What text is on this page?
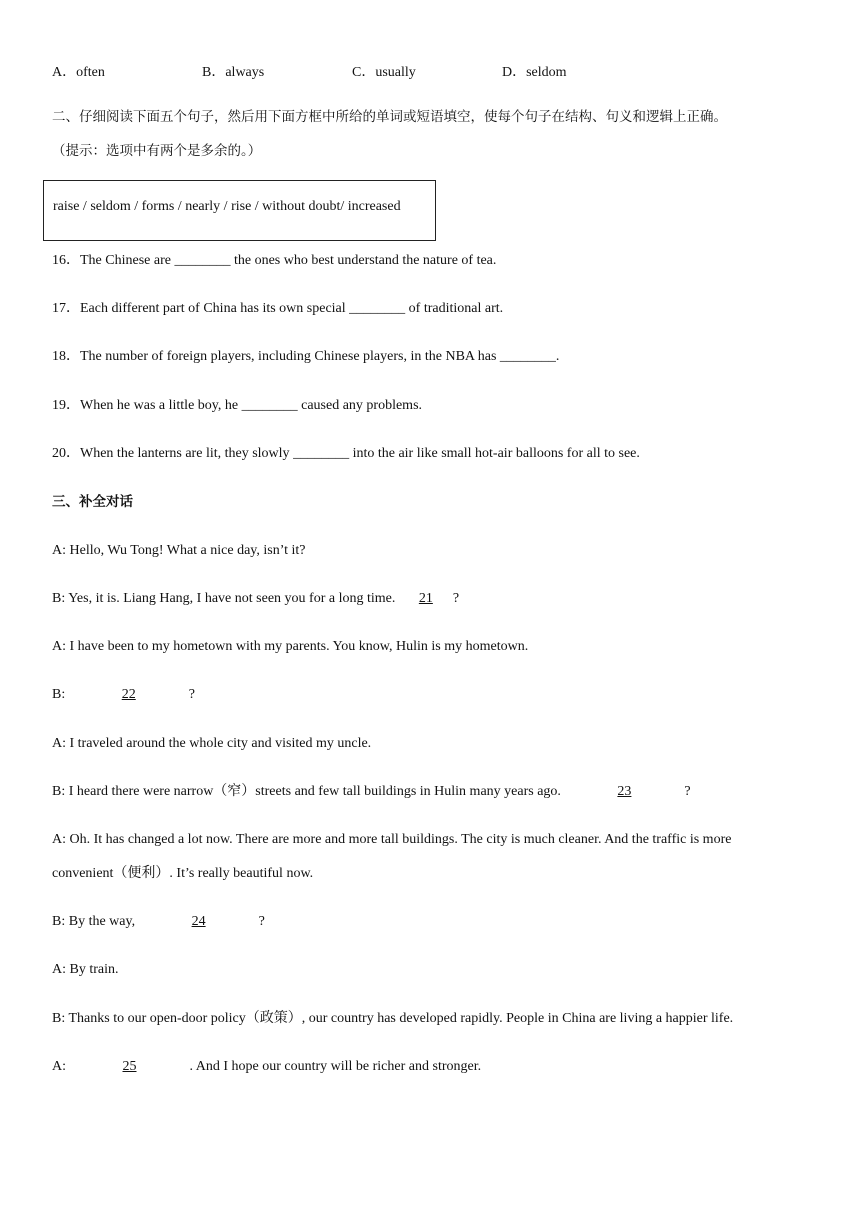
A．often	B．always	C．usually	D．seldom
二、仔细阅读下面五个句子，然后用下面方框中所给的单词或短语填空，使每个句子在结构、句义和逻辑上正确。
（提示：选项中有两个是多余的。）
raise / seldom / forms / nearly / rise / without doubt/ increased
16．The Chinese are ________ the ones who best understand the nature of tea.
17．Each different part of China has its own special ________ of traditional art.
18．The number of foreign players, including Chinese players, in the NBA has ________.
19．When he was a little boy, he ________ caused any problems.
20．When the lanterns are lit, they slowly ________ into the air like small hot-air balloons for all to see.
三、补全对话
A: Hello, Wu Tong! What a nice day, isn’t it?
B: Yes, it is. Liang Hang, I have not seen you for a long time. 21 ?
A: I have been to my hometown with my parents. You know, Hulin is my hometown.
B:	22	?
A: I traveled around the whole city and visited my uncle.
B: I heard there were narrow（窄）streets and few tall buildings in Hulin many years ago.	23	?
A: Oh. It has changed a lot now. There are more and more tall buildings. The city is much cleaner. And the traffic is more
convenient（便利）. It’s really beautiful now.
B: By the way,	24	?
A: By train.
B: Thanks to our open-door policy（政策）, our country has developed rapidly. People in China are living a happier life.
A:	25	. And I hope our country will be richer and stronger.
